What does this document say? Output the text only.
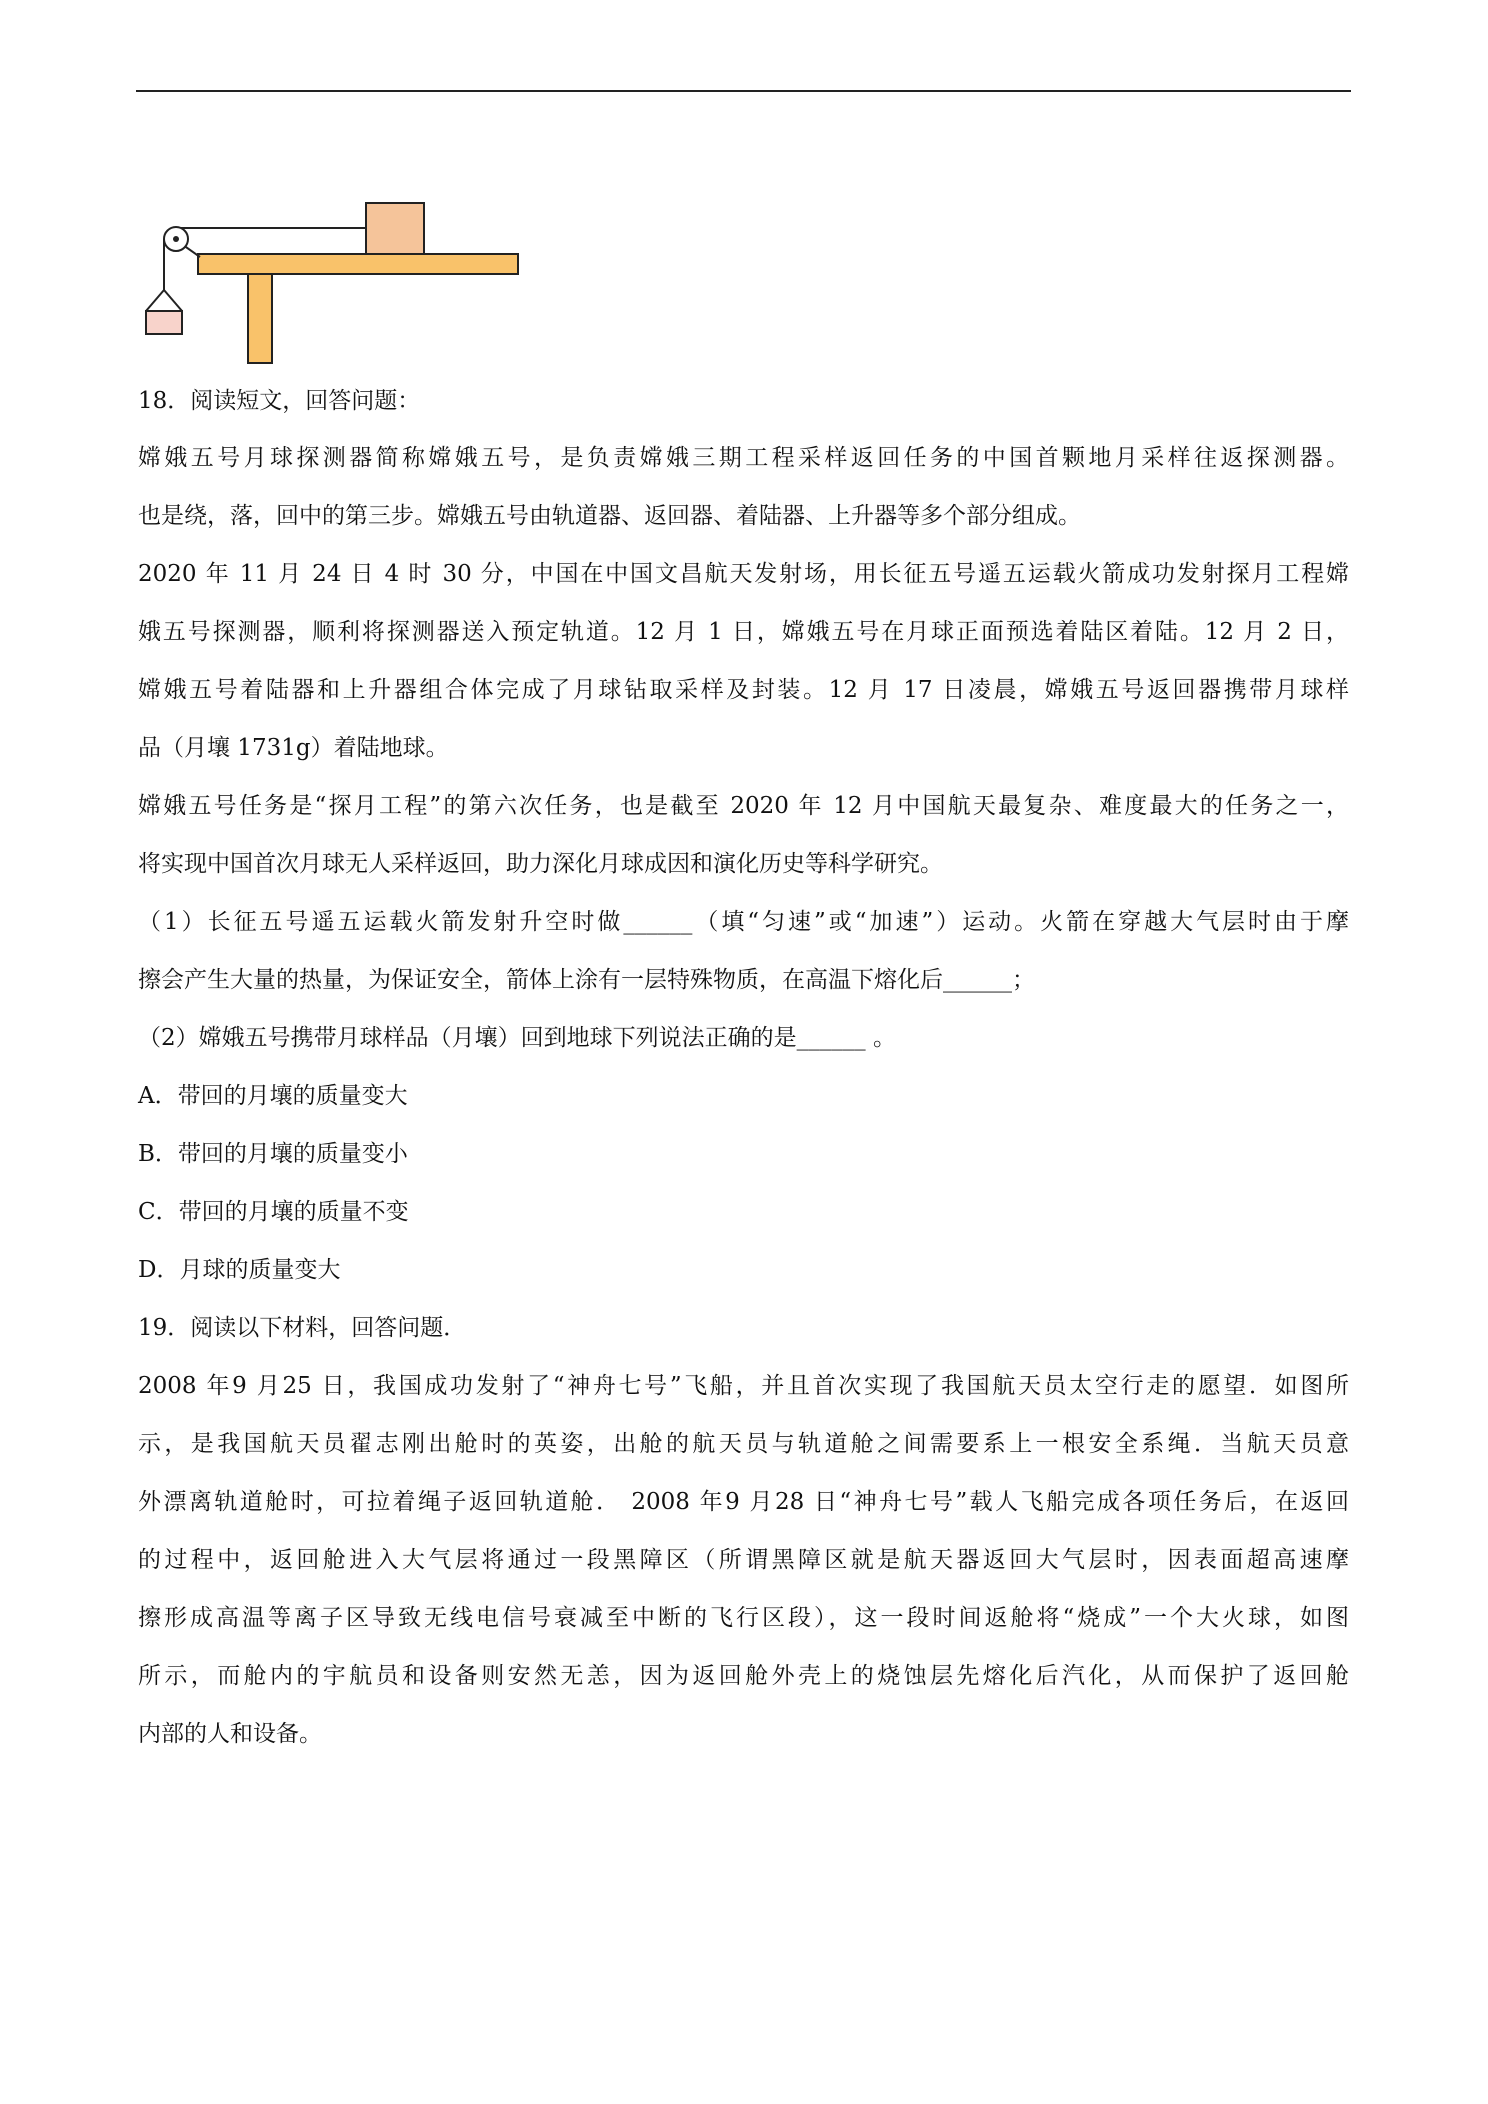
18．阅读短文，回答问题：
嫦娥五号月球探测器简称嫦娥五号，是负责嫦娥三期工程采样返回任务的中国首颗地月采样往返探测器。
也是绕，落，回中的第三步。嫦娥五号由轨道器、返回器、着陆器、上升器等多个部分组成。
2020 年 11 月 24 日 4 时 30 分，中国在中国文昌航天发射场，用长征五号遥五运载火箭成功发射探月工程嫦
娥五号探测器，顺利将探测器送入预定轨道。12 月 1 日，嫦娥五号在月球正面预选着陆区着陆。12 月 2 日，
嫦娥五号着陆器和上升器组合体完成了月球钻取采样及封装。12 月 17 日凌晨，嫦娥五号返回器携带月球样
品（月壤 1731g）着陆地球。
嫦娥五号任务是“探月工程”的第六次任务，也是截至 2020 年 12 月中国航天最复杂、难度最大的任务之一，
将实现中国首次月球无人采样返回，助力深化月球成因和演化历史等科学研究。
（1）长征五号遥五运载火箭发射升空时做______（填“匀速”或“加速”）运动。火箭在穿越大气层时由于摩
擦会产生大量的热量，为保证安全，箭体上涂有一层特殊物质，在高温下熔化后______；
（2）嫦娥五号携带月球样品（月壤）回到地球下列说法正确的是______ 。
A．带回的月壤的质量变大
B．带回的月壤的质量变小
C．带回的月壤的质量不变
D．月球的质量变大
19．阅读以下材料，回答问题．
2008 年9 月25 日，我国成功发射了“神舟七号”飞船，并且首次实现了我国航天员太空行走的愿望．如图所
示，是我国航天员翟志刚出舱时的英姿，出舱的航天员与轨道舱之间需要系上一根安全系绳．当航天员意
外漂离轨道舱时，可拉着绳子返回轨道舱． 2008 年9 月28 日“神舟七号”载人飞船完成各项任务后，在返回
的过程中，返回舱进入大气层将通过一段黑障区（所谓黑障区就是航天器返回大气层时，因表面超高速摩
擦形成高温等离子区导致无线电信号衰减至中断的飞行区段），这一段时间返舱将“烧成”一个大火球，如图
所示，而舱内的宇航员和设备则安然无恙，因为返回舱外壳上的烧蚀层先熔化后汽化，从而保护了返回舱
内部的人和设备。
